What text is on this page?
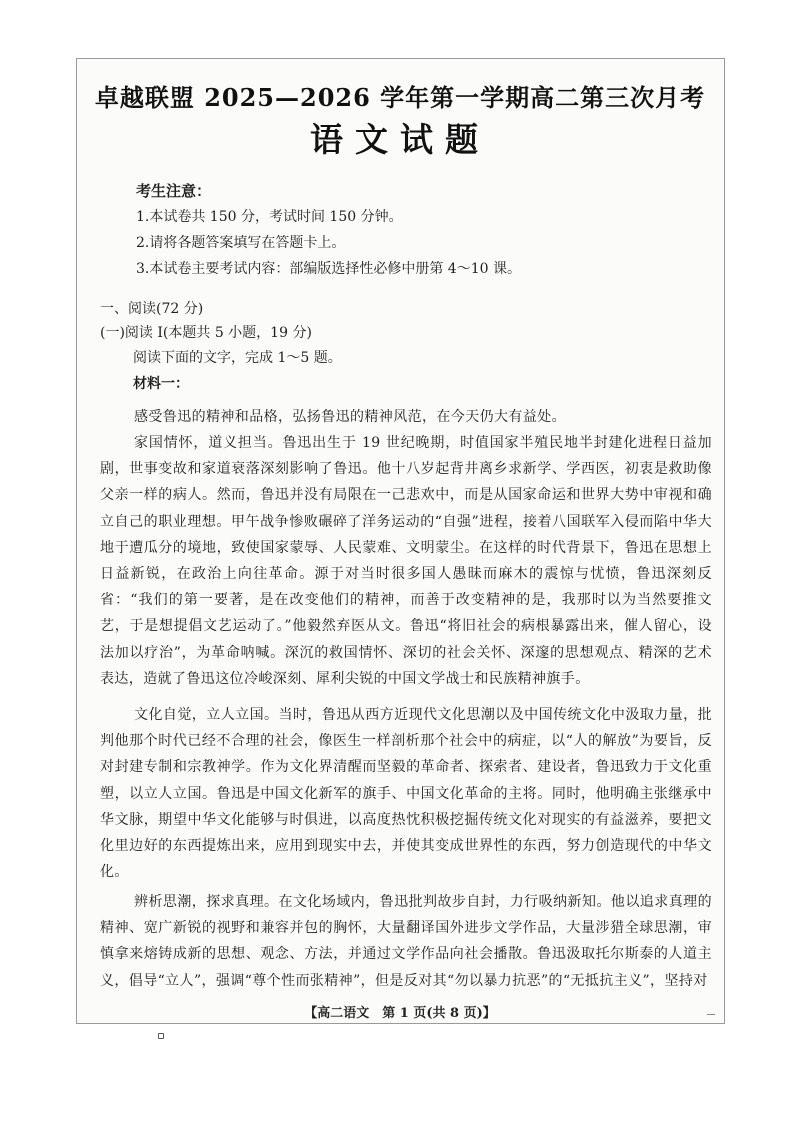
卓越联盟 2025—2026 学年第一学期高二第三次月考
语文试题
考生注意：
1.本试卷共 150 分，考试时间 150 分钟。
2.请将各题答案填写在答题卡上。
3.本试卷主要考试内容：部编版选择性必修中册第 4～10 课。
一、阅读(72 分)
(一)阅读 Ⅰ(本题共 5 小题，19 分)
阅读下面的文字，完成 1～5 题。
材料一：
感受鲁迅的精神和品格，弘扬鲁迅的精神风范，在今天仍大有益处。
家国情怀，道义担当。鲁迅出生于 19 世纪晚期，时值国家半殖民地半封建化进程日益加剧，世事变故和家道衰落深刻影响了鲁迅。他十八岁起背井离乡求新学、学西医，初衷是救助像父亲一样的病人。然而，鲁迅并没有局限在一己悲欢中，而是从国家命运和世界大势中审视和确立自己的职业理想。甲午战争惨败碾碎了洋务运动的“自强”进程，接着八国联军入侵而陷中华大地于遭瓜分的境地，致使国家蒙辱、人民蒙难、文明蒙尘。在这样的时代背景下，鲁迅在思想上日益新锐，在政治上向往革命。源于对当时很多国人愚昧而麻木的震惊与忧愤，鲁迅深刻反省：“我们的第一要著，是在改变他们的精神，而善于改变精神的是，我那时以为当然要推文艺，于是想提倡文艺运动了。”他毅然弃医从文。鲁迅“将旧社会的病根暴露出来，催人留心，设法加以疗治”，为革命呐喊。深沉的救国情怀、深切的社会关怀、深邃的思想观点、精深的艺术表达，造就了鲁迅这位冷峻深刻、犀利尖锐的中国文学战士和民族精神旗手。
文化自觉，立人立国。当时，鲁迅从西方近现代文化思潮以及中国传统文化中汲取力量，批判他那个时代已经不合理的社会，像医生一样剖析那个社会中的病症，以“人的解放”为要旨，反对封建专制和宗教神学。作为文化界清醒而坚毅的革命者、探索者、建设者，鲁迅致力于文化重塑，以立人立国。鲁迅是中国文化新军的旗手、中国文化革命的主将。同时，他明确主张继承中华文脉，期望中华文化能够与时俱进，以高度热忱积极挖掘传统文化对现实的有益滋养，要把文化里边好的东西提炼出来，应用到现实中去，并使其变成世界性的东西，努力创造现代的中华文化。
辨析思潮，探求真理。在文化场域内，鲁迅批判故步自封，力行吸纳新知。他以追求真理的精神、宽广新锐的视野和兼容并包的胸怀，大量翻译国外进步文学作品，大量涉猎全球思潮，审慎拿来熔铸成新的思想、观念、方法，并通过文学作品向社会播散。鲁迅汲取托尔斯泰的人道主义，倡导“立人”，强调“尊个性而张精神”，但是反对其“勿以暴力抗恶”的“无抵抗主义”，坚持对
【高二语文　第 1 页(共 8 页)】
